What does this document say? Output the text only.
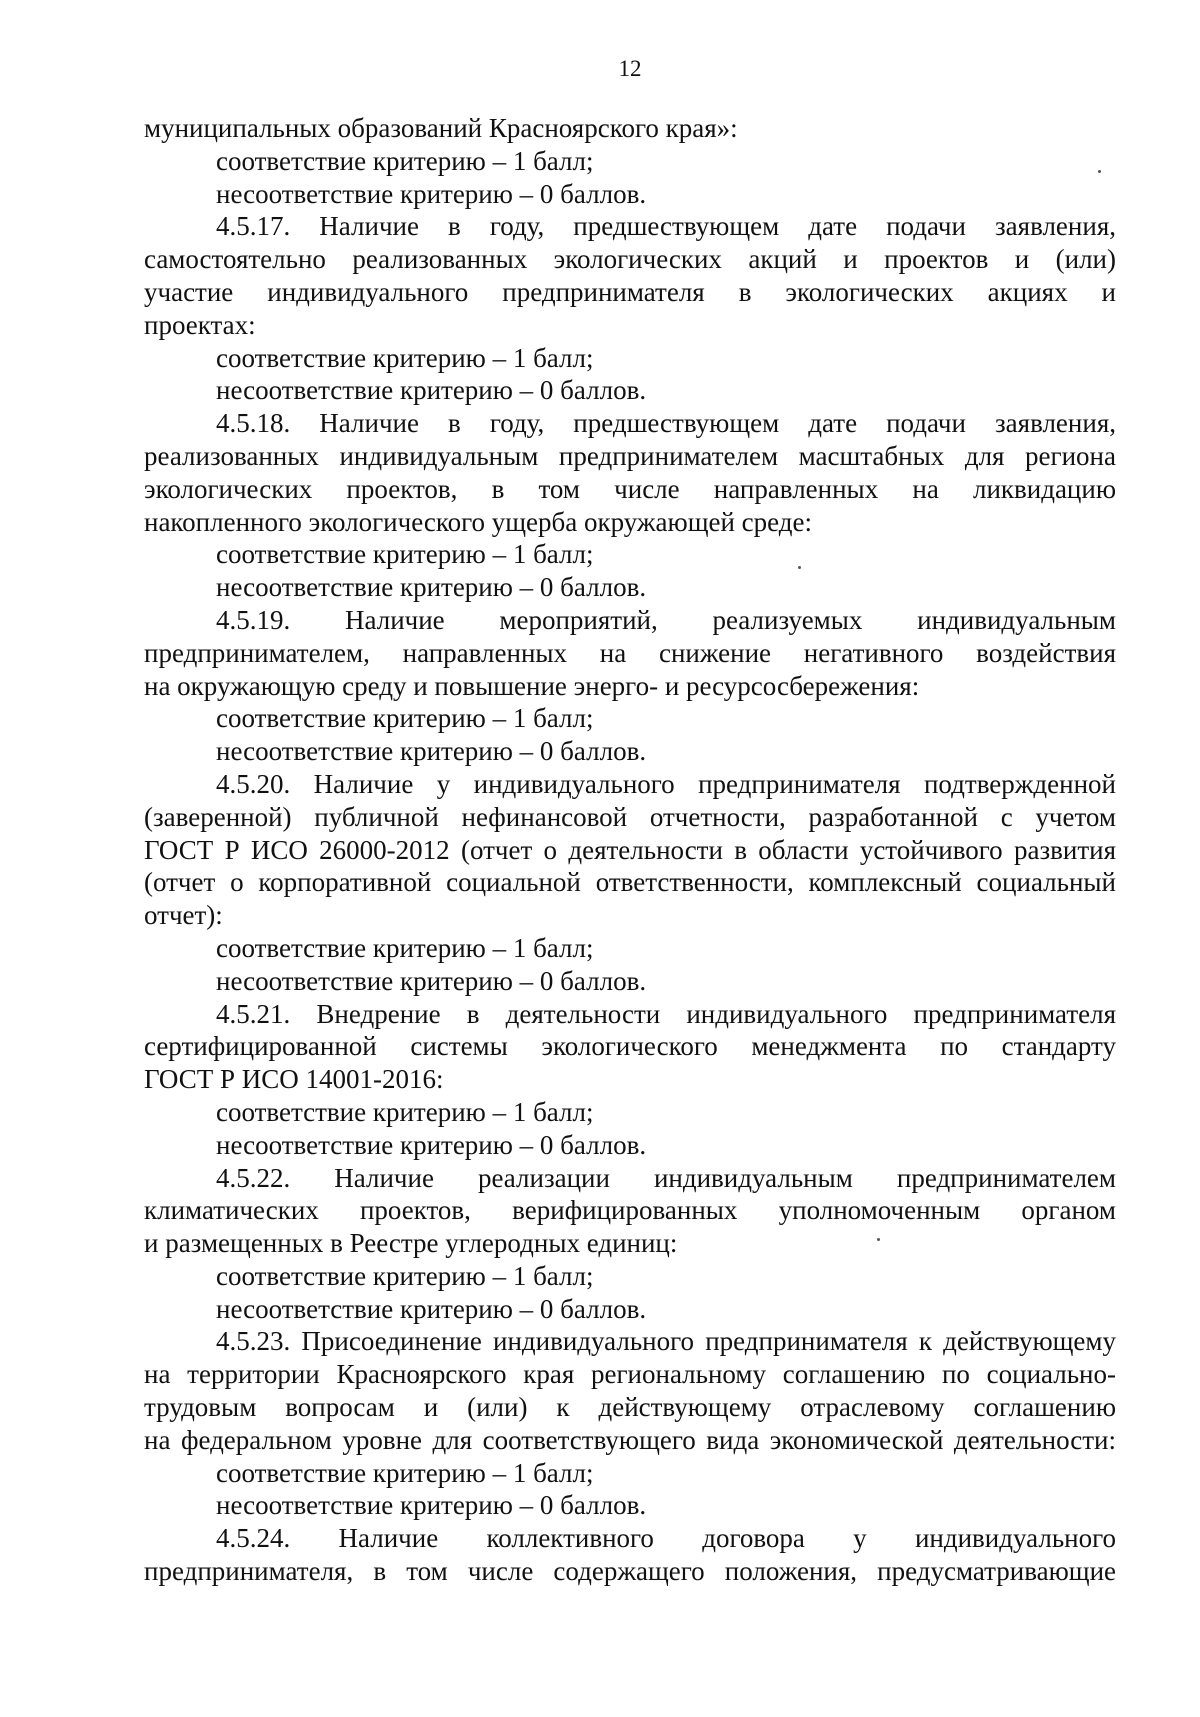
12
муниципальных образований Красноярского края»:
соответствие критерию – 1 балл;
несоответствие критерию – 0 баллов.
4.5.17. Наличие в году, предшествующем дате подачи заявления,
самостоятельно реализованных экологических акций и проектов и (или)
участие индивидуального предпринимателя в экологических акциях и
проектах:
соответствие критерию – 1 балл;
несоответствие критерию – 0 баллов.
4.5.18. Наличие в году, предшествующем дате подачи заявления,
реализованных индивидуальным предпринимателем масштабных для региона
экологических проектов, в том числе направленных на ликвидацию
накопленного экологического ущерба окружающей среде:
соответствие критерию – 1 балл;
несоответствие критерию – 0 баллов.
4.5.19. Наличие мероприятий, реализуемых индивидуальным
предпринимателем, направленных на снижение негативного воздействия
на окружающую среду и повышение энерго- и ресурсосбережения:
соответствие критерию – 1 балл;
несоответствие критерию – 0 баллов.
4.5.20. Наличие у индивидуального предпринимателя подтвержденной
(заверенной) публичной нефинансовой отчетности, разработанной с учетом
ГОСТ Р ИСО 26000-2012 (отчет о деятельности в области устойчивого развития
(отчет о корпоративной социальной ответственности, комплексный социальный
отчет):
соответствие критерию – 1 балл;
несоответствие критерию – 0 баллов.
4.5.21. Внедрение в деятельности индивидуального предпринимателя
сертифицированной системы экологического менеджмента по стандарту
ГОСТ Р ИСО 14001-2016:
соответствие критерию – 1 балл;
несоответствие критерию – 0 баллов.
4.5.22. Наличие реализации индивидуальным предпринимателем
климатических проектов, верифицированных уполномоченным органом
и размещенных в Реестре углеродных единиц:
соответствие критерию – 1 балл;
несоответствие критерию – 0 баллов.
4.5.23. Присоединение индивидуального предпринимателя к действующему
на территории Красноярского края региональному соглашению по социально-
трудовым вопросам и (или) к действующему отраслевому соглашению
на федеральном уровне для соответствующего вида экономической деятельности:
соответствие критерию – 1 балл;
несоответствие критерию – 0 баллов.
4.5.24. Наличие коллективного договора у индивидуального
предпринимателя, в том числе содержащего положения, предусматривающие
